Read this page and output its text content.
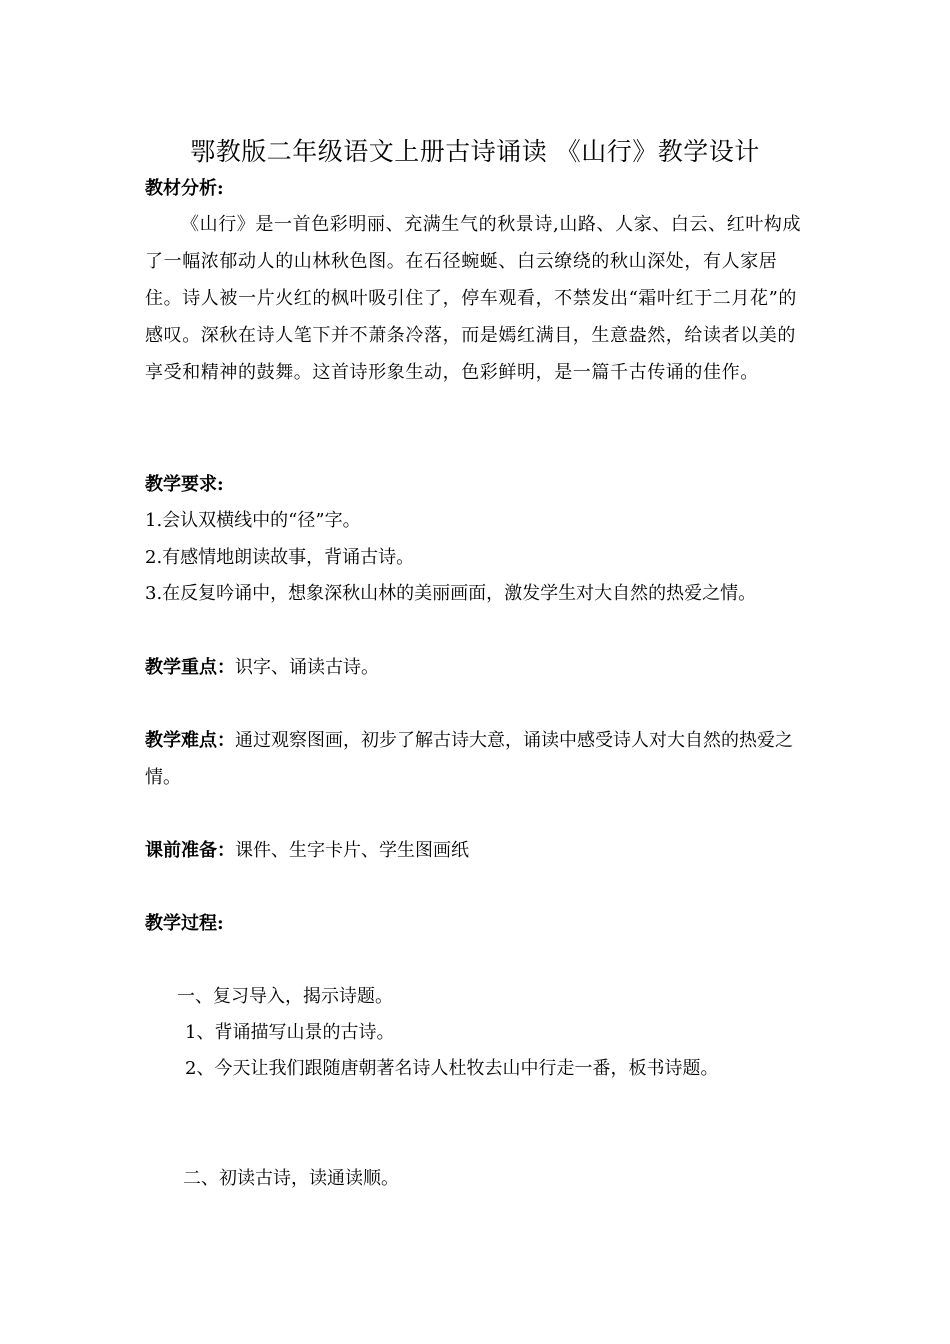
鄂教版二年级语文上册古诗诵读 《山行》教学设计
教材分析:
《山行》是一首色彩明丽、充满生气的秋景诗,山路、人家、白云、红叶构成了一幅浓郁动人的山林秋色图。在石径蜿蜒、白云缭绕的秋山深处，有人家居住。诗人被一片火红的枫叶吸引住了，停车观看，不禁发出“霜叶红于二月花”的感叹。深秋在诗人笔下并不萧条冷落，而是嫣红满目，生意盎然，给读者以美的享受和精神的鼓舞。这首诗形象生动，色彩鲜明，是一篇千古传诵的佳作。
教学要求:
1.会认双横线中的“径”字。
2.有感情地朗读故事，背诵古诗。
3.在反复吟诵中，想象深秋山林的美丽画面，激发学生对大自然的热爱之情。
教学重点：识字、诵读古诗。
教学难点：通过观察图画，初步了解古诗大意，诵读中感受诗人对大自然的热爱之情。
课前准备：课件、生字卡片、学生图画纸
教学过程:
一、复习导入，揭示诗题。
1、背诵描写山景的古诗。
2、今天让我们跟随唐朝著名诗人杜牧去山中行走一番，板书诗题。
二、初读古诗，读通读顺。
